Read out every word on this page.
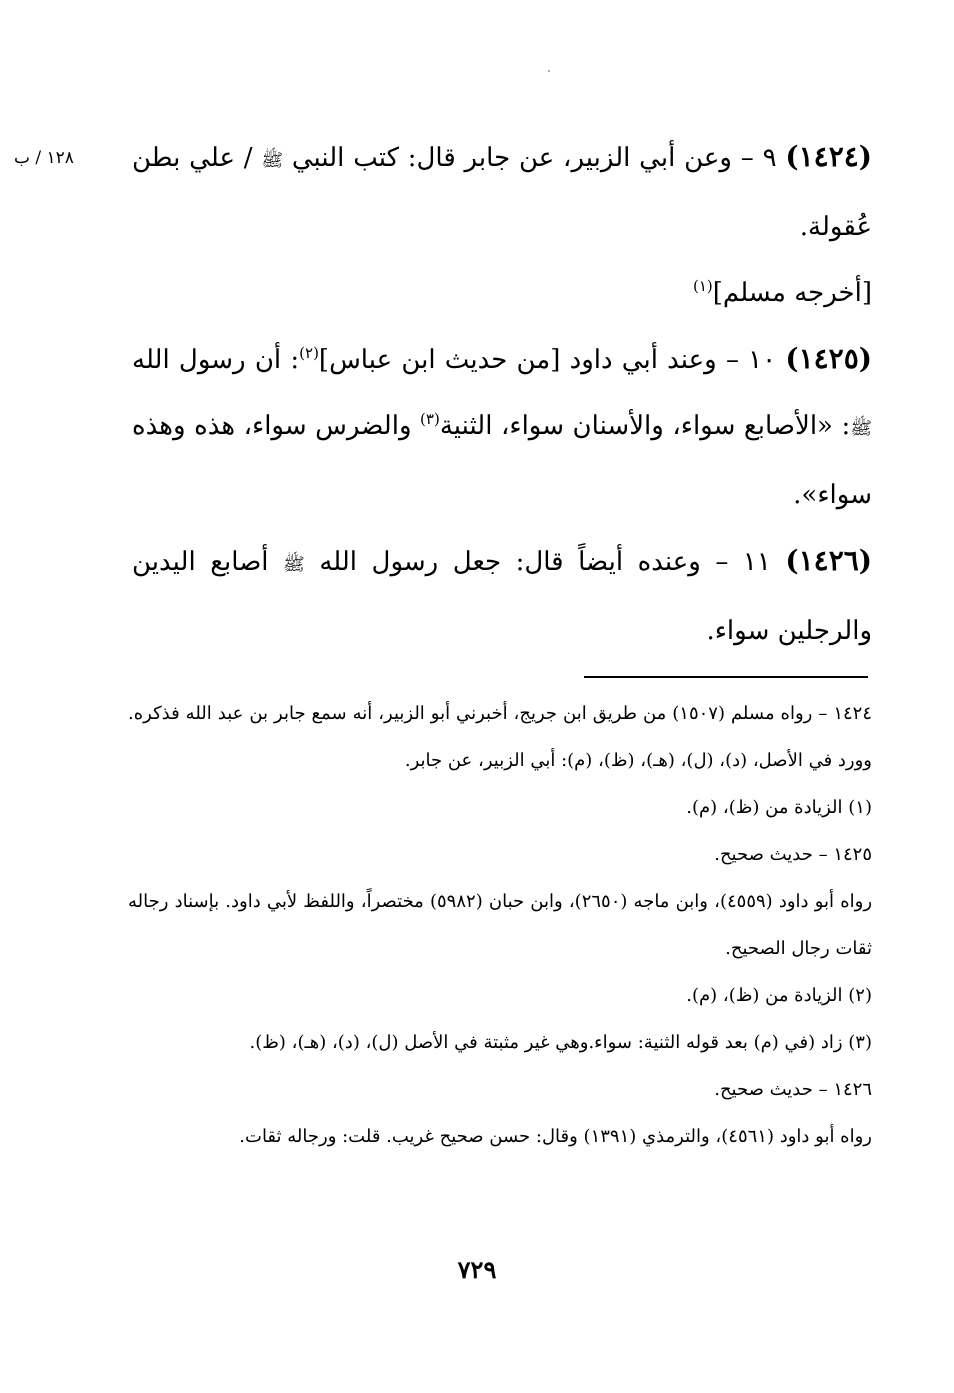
١٢٨ / ب	(١٤٢٤) ٩ – وعن أبي الزبير، عن جابر قال: كتب النبي ﷺ / علي بطن عُقولة.

[أخرجه مسلم]$^{(١)}$

(١٤٢٥) ١٠ – وعند أبي داود [من حديث ابن عباس]$^{(٢)}$: أن رسول الله ﷺ: «الأصابع سواء، والأسنان سواء، الثنية$^{(٣)}$ والضرس سواء، هذه وهذه سواء».

(١٤٢٦) ١١ – وعنده أيضاً قال: جعل رسول الله ﷺ أصابع اليدين والرجلين سواء.

١٤٢٤ – رواه مسلم (١٥٠٧) من طريق ابن جريج، أخبرني أبو الزبير، أنه سمع جابر بن عبد الله فذكره. وورد في الأصل، (د)، (ل)، (هـ)، (ظ)، (م): أبي الزبير، عن جابر.

(١) الزيادة من (ظ)، (م).

١٤٢٥ – حديث صحيح.

رواه أبو داود (٤٥٥٩)، وابن ماجه (٢٦٥٠)، وابن حبان (٥٩٨٢) مختصراً، واللفظ لأبي داود. بإسناد رجاله ثقات رجال الصحيح.

(٢) الزيادة من (ظ)، (م).

(٣) زاد (في (م) بعد قوله الثنية: سواء.وهي غير مثبتة في الأصل (ل)، (د)، (هـ)، (ظ).

١٤٢٦ – حديث صحيح.

رواه أبو داود (٤٥٦١)، والترمذي (١٣٩١) وقال: حسن صحيح غريب. قلت: ورجاله ثقات.

٧٢٩
